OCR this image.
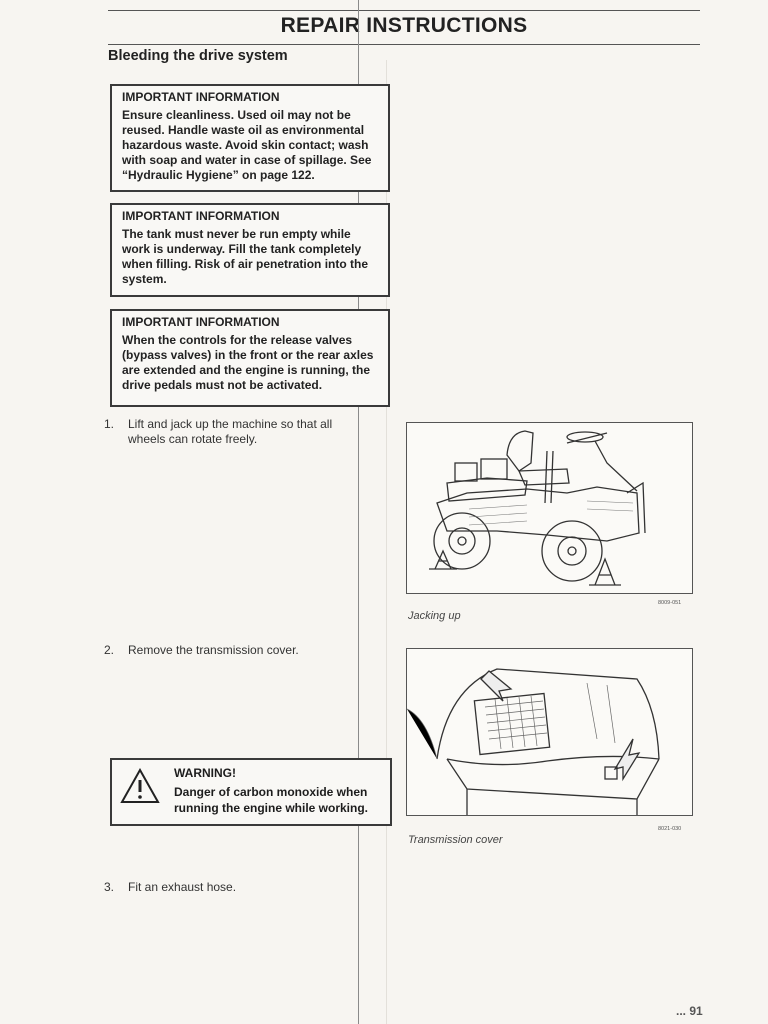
REPAIR INSTRUCTIONS
Bleeding the drive system
IMPORTANT INFORMATION
Ensure cleanliness. Used oil may not be
reused. Handle waste oil as environmental
hazardous waste. Avoid skin contact; wash
with soap and water in case of spillage. See
“Hydraulic Hygiene” on page 122.
IMPORTANT INFORMATION
The tank must never be run empty while
work is underway. Fill the tank completely
when filling. Risk of air penetration into the
system.
IMPORTANT INFORMATION
When the controls for the release valves
(bypass valves) in the front or the rear axles
are extended and the engine is running, the
drive pedals must not be activated.
1. Lift and jack up the machine so that all
wheels can rotate freely.
2. Remove the transmission cover.
3. Fit an exhaust hose.
8009-051
Jacking up
8021-030
Transmission cover
WARNING!
Danger of carbon monoxide when
running the engine while working.
... 91
